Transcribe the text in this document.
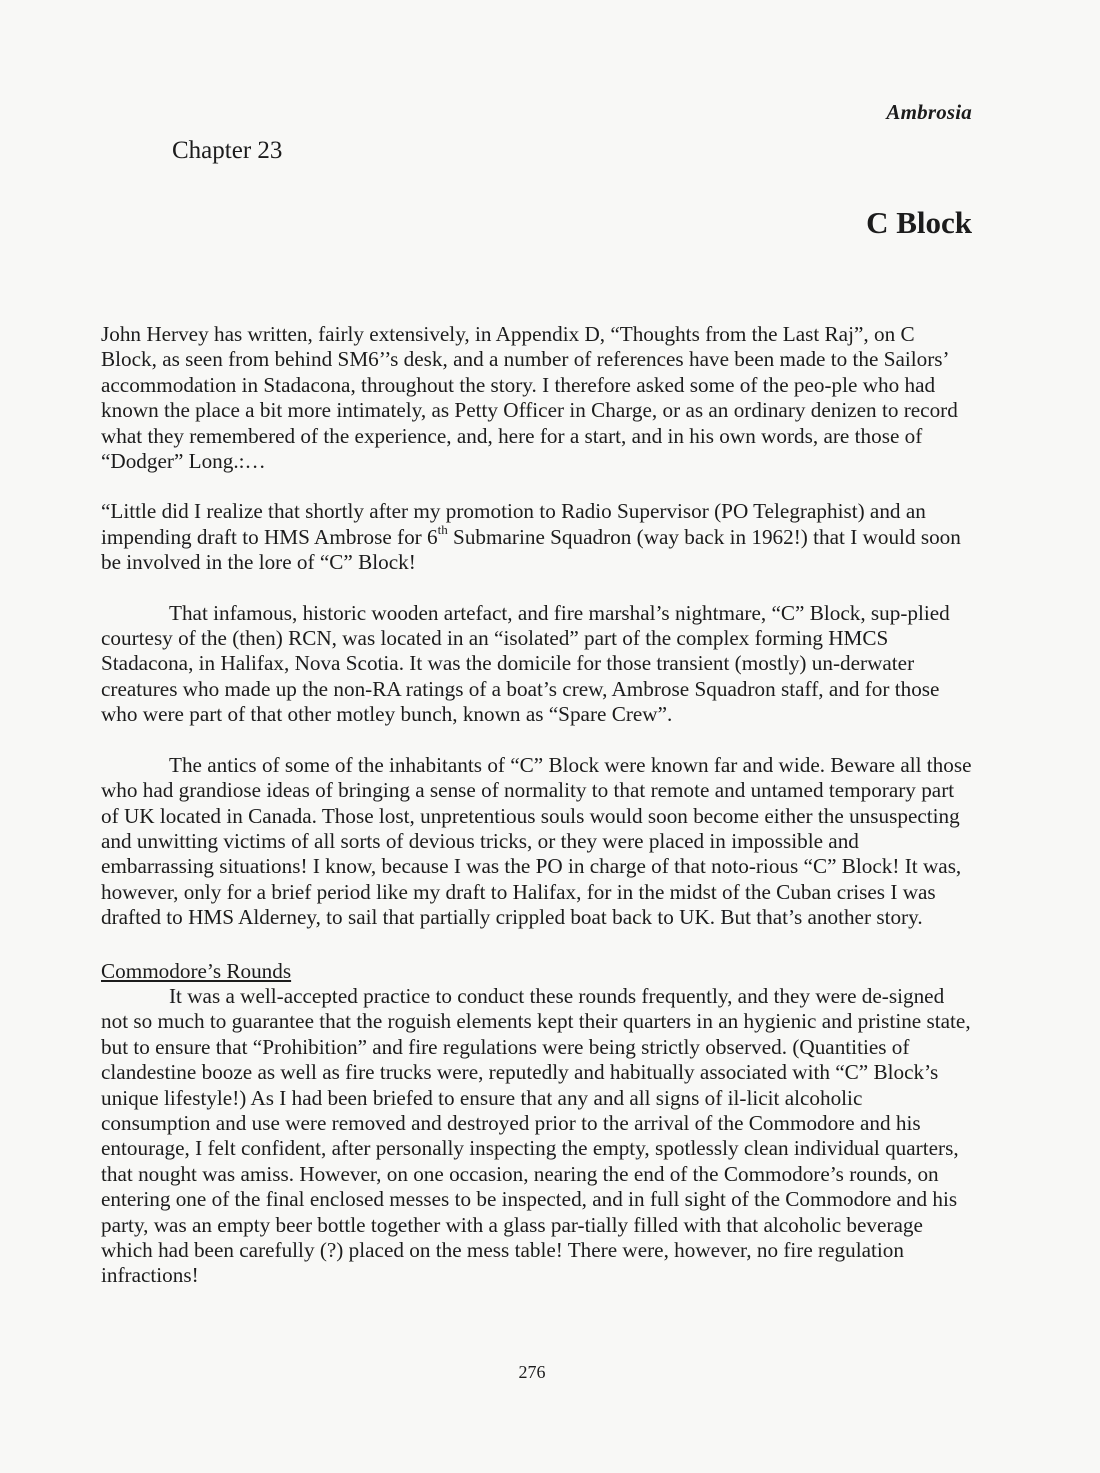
Ambrosia
Chapter 23
C Block

John Hervey has written, fairly extensively, in Appendix D, “Thoughts from the Last Raj”, on C Block, as seen from behind SM6’’s desk, and a number of references have been made to the Sailors’ accommodation in Stadacona, throughout the story. I therefore asked some of the peo-ple who had known the place a bit more intimately, as Petty Officer in Charge, or as an ordinary denizen to record what they remembered of the experience, and, here for a start, and in his own words, are those of “Dodger” Long.:…

“Little did I realize that shortly after my promotion to Radio Supervisor (PO Telegraphist) and an impending draft to HMS Ambrose for 6th Submarine Squadron (way back in 1962!) that I would soon be involved in the lore of “C” Block!

That infamous, historic wooden artefact, and fire marshal’s nightmare, “C” Block, sup-plied courtesy of the (then) RCN, was located in an “isolated” part of the complex forming HMCS Stadacona, in Halifax, Nova Scotia. It was the domicile for those transient (mostly) un-derwater creatures who made up the non-RA ratings of a boat’s crew, Ambrose Squadron staff, and for those who were part of that other motley bunch, known as “Spare Crew”.

The antics of some of the inhabitants of “C” Block were known far and wide. Beware all those who had grandiose ideas of bringing a sense of normality to that remote and untamed temporary part of UK located in Canada. Those lost, unpretentious souls would soon become either the unsuspecting and unwitting victims of all sorts of devious tricks, or they were placed in impossible and embarrassing situations! I know, because I was the PO in charge of that noto-rious “C” Block! It was, however, only for a brief period like my draft to Halifax, for in the midst of the Cuban crises I was drafted to HMS Alderney, to sail that partially crippled boat back to UK. But that’s another story.

Commodore’s Rounds

It was a well-accepted practice to conduct these rounds frequently, and they were de-signed not so much to guarantee that the roguish elements kept their quarters in an hygienic and pristine state, but to ensure that “Prohibition” and fire regulations were being strictly observed. (Quantities of clandestine booze as well as fire trucks were, reputedly and habitually associated with “C” Block’s unique lifestyle!) As I had been briefed to ensure that any and all signs of il-licit alcoholic consumption and use were removed and destroyed prior to the arrival of the Commodore and his entourage, I felt confident, after personally inspecting the empty, spotlessly clean individual quarters, that nought was amiss. However, on one occasion, nearing the end of the Commodore’s rounds, on entering one of the final enclosed messes to be inspected, and in full sight of the Commodore and his party, was an empty beer bottle together with a glass par-tially filled with that alcoholic beverage which had been carefully (?) placed on the mess table! There were, however, no fire regulation infractions!

276
